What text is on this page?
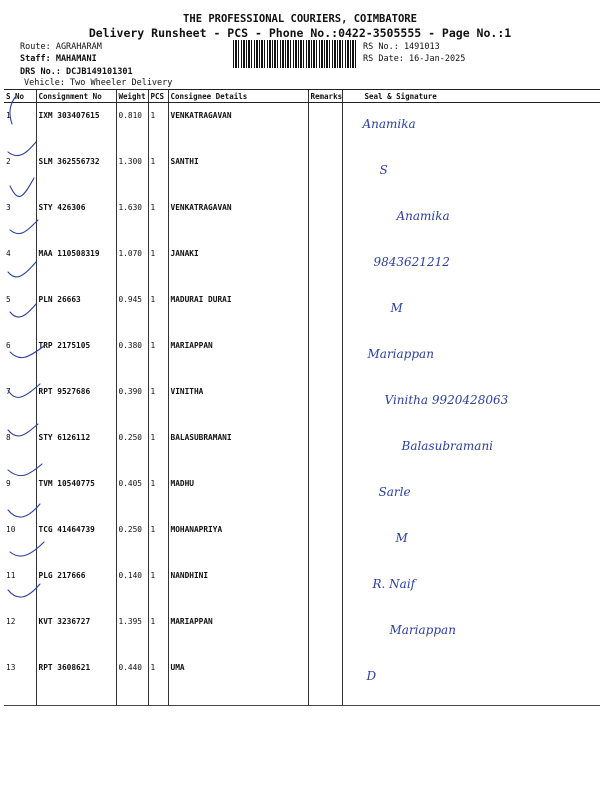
THE PROFESSIONAL COURIERS, COIMBATORE
Delivery Runsheet - PCS - Phone No.:0422-3505555 - Page No.:1
Route: AGRAHARAM
Staff: MAHAMANI
DRS No.: DCJB149101301
Vehicle: Two Wheeler Delivery
RS No.: 1491013
RS Date: 16-Jan-2025
S No	Consignment No	Weight	PCS	Consignee Details	Remarks	Seal & Signature
1	IXM 303407615	0.810	1	VENKATRAGAVAN		Anamika
2	SLM 362556732	1.300	1	SANTHI		S
3	STY 426306	1.630	1	VENKATRAGAVAN		Anamika
4	MAA 110508319	1.070	1	JANAKI		9843621212
5	PLN 26663	0.945	1	MADURAI DURAI		M
6	TRP 2175105	0.380	1	MARIAPPAN		Mariappan
7	RPT 9527686	0.390	1	VINITHA		Vinitha 9920428063
8	STY 6126112	0.250	1	BALASUBRAMANI		Balasubramani
9	TVM 10540775	0.405	1	MADHU		Sarle
10	TCG 41464739	0.250	1	MOHANAPRIYA		M
11	PLG 217666	0.140	1	NANDHINI		R. Naif
12	KVT 3236727	1.395	1	MARIAPPAN		Mariappan
13	RPT 3608621	0.440	1	UMA		D
